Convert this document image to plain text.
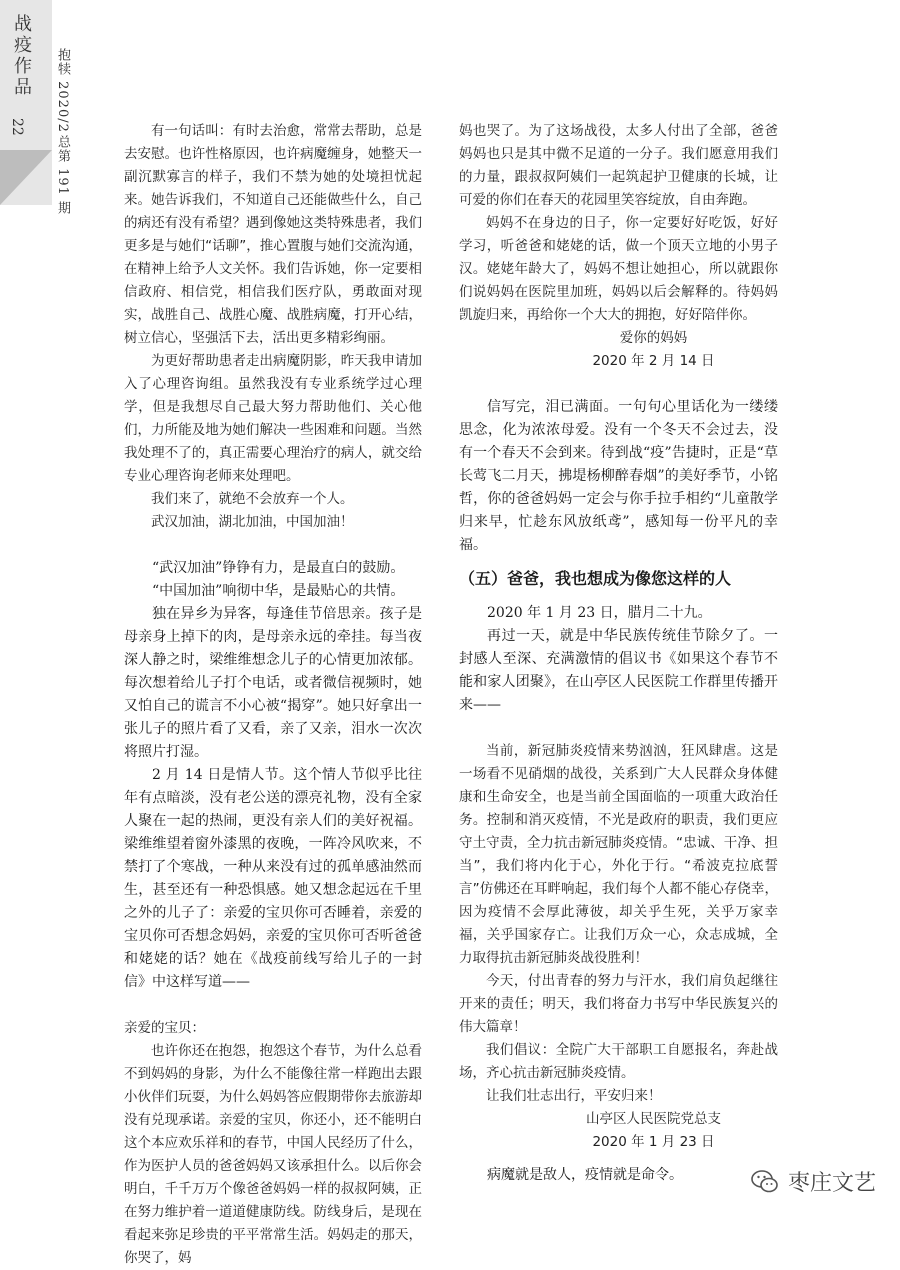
战疫作品
22 抱犊 2020/2
总第 191 期

有一句话叫：有时去治愈，常常去帮助，总是去安慰。也许性格原因，也许病魔缠身，她整天一副沉默寡言的样子，我们不禁为她的处境担忧起来。她告诉我们，不知道自己还能做些什么，自己的病还有没有希望？遇到像她这类特殊患者，我们更多是与她们“话聊”，推心置腹与她们交流沟通，在精神上给予人文关怀。我们告诉她，你一定要相信政府、相信党，相信我们医疗队，勇敢面对现实，战胜自己、战胜心魔、战胜病魔，打开心结，树立信心，坚强活下去，活出更多精彩绚丽。

为更好帮助患者走出病魔阴影，昨天我申请加入了心理咨询组。虽然我没有专业系统学过心理学，但是我想尽自己最大努力帮助他们、关心他们，力所能及地为她们解决一些困难和问题。当然我处理不了的，真正需要心理治疗的病人，就交给专业心理咨询老师来处理吧。

我们来了，就绝不会放弃一个人。

武汉加油，湖北加油，中国加油！

“武汉加油”铮铮有力，是最直白的鼓励。

“中国加油”响彻中华，是最贴心的共情。

独在异乡为异客，每逢佳节倍思亲。孩子是母亲身上掉下的肉，是母亲永远的牵挂。每当夜深人静之时，梁维维想念儿子的心情更加浓郁。每次想着给儿子打个电话，或者微信视频时，她又怕自己的谎言不小心被“揭穿”。她只好拿出一张儿子的照片看了又看，亲了又亲，泪水一次次将照片打湿。

2 月 14 日是情人节。这个情人节似乎比往年有点暗淡，没有老公送的漂亮礼物，没有全家人聚在一起的热闹，更没有亲人们的美好祝福。梁维维望着窗外漆黑的夜晚，一阵冷风吹来，不禁打了个寒战，一种从来没有过的孤单感油然而生，甚至还有一种恐惧感。她又想念起远在千里之外的儿子了：亲爱的宝贝你可否睡着，亲爱的宝贝你可否想念妈妈，亲爱的宝贝你可否听爸爸和姥姥的话？她在《战疫前线写给儿子的一封信》中这样写道——

亲爱的宝贝：

也许你还在抱怨，抱怨这个春节，为什么总看不到妈妈的身影，为什么不能像往常一样跑出去跟小伙伴们玩耍，为什么妈妈答应假期带你去旅游却没有兑现承诺。亲爱的宝贝，你还小，还不能明白这个本应欢乐祥和的春节，中国人民经历了什么，作为医护人员的爸爸妈妈又该承担什么。以后你会明白，千千万万个像爸爸妈妈一样的叔叔阿姨，正在努力维护着一道道健康防线。防线身后，是现在看起来弥足珍贵的平平常常生活。妈妈走的那天，你哭了，妈

妈也哭了。为了这场战役，太多人付出了全部，爸爸妈妈也只是其中微不足道的一分子。我们愿意用我们的力量，跟叔叔阿姨们一起筑起护卫健康的长城，让可爱的你们在春天的花园里笑容绽放，自由奔跑。

妈妈不在身边的日子，你一定要好好吃饭，好好学习，听爸爸和姥姥的话，做一个顶天立地的小男子汉。姥姥年龄大了，妈妈不想让她担心，所以就跟你们说妈妈在医院里加班，妈妈以后会解释的。待妈妈凯旋归来，再给你一个大大的拥抱，好好陪伴你。

爱你的妈妈

2020 年 2 月 14 日

信写完，泪已满面。一句句心里话化为一缕缕思念，化为浓浓母爱。没有一个冬天不会过去，没有一个春天不会到来。待到战“疫”告捷时，正是“草长莺飞二月天，拂堤杨柳醉春烟”的美好季节，小铭哲，你的爸爸妈妈一定会与你手拉手相约“儿童散学归来早，忙趁东风放纸鸢”，感知每一份平凡的幸福。

（五）爸爸，我也想成为像您这样的人

2020 年 1 月 23 日，腊月二十九。

再过一天，就是中华民族传统佳节除夕了。一封感人至深、充满激情的倡议书《如果这个春节不能和家人团聚》，在山亭区人民医院工作群里传播开来——

当前，新冠肺炎疫情来势汹汹，狂风肆虐。这是一场看不见硝烟的战役，关系到广大人民群众身体健康和生命安全，也是当前全国面临的一项重大政治任务。控制和消灭疫情，不光是政府的职责，我们更应守土守责，全力抗击新冠肺炎疫情。“忠诚、干净、担当”，我们将内化于心，外化于行。“希波克拉底誓言”仿佛还在耳畔响起，我们每个人都不能心存侥幸，因为疫情不会厚此薄彼，却关乎生死，关乎万家幸福，关乎国家存亡。让我们万众一心，众志成城，全力取得抗击新冠肺炎战役胜利！

今天，付出青春的努力与汗水，我们肩负起继往开来的责任；明天，我们将奋力书写中华民族复兴的伟大篇章！

我们倡议：全院广大干部职工自愿报名，奔赴战场，齐心抗击新冠肺炎疫情。

让我们壮志出行，平安归来！

山亭区人民医院党总支

2020 年 1 月 23 日

病魔就是敌人，疫情就是命令。	枣庄文艺
